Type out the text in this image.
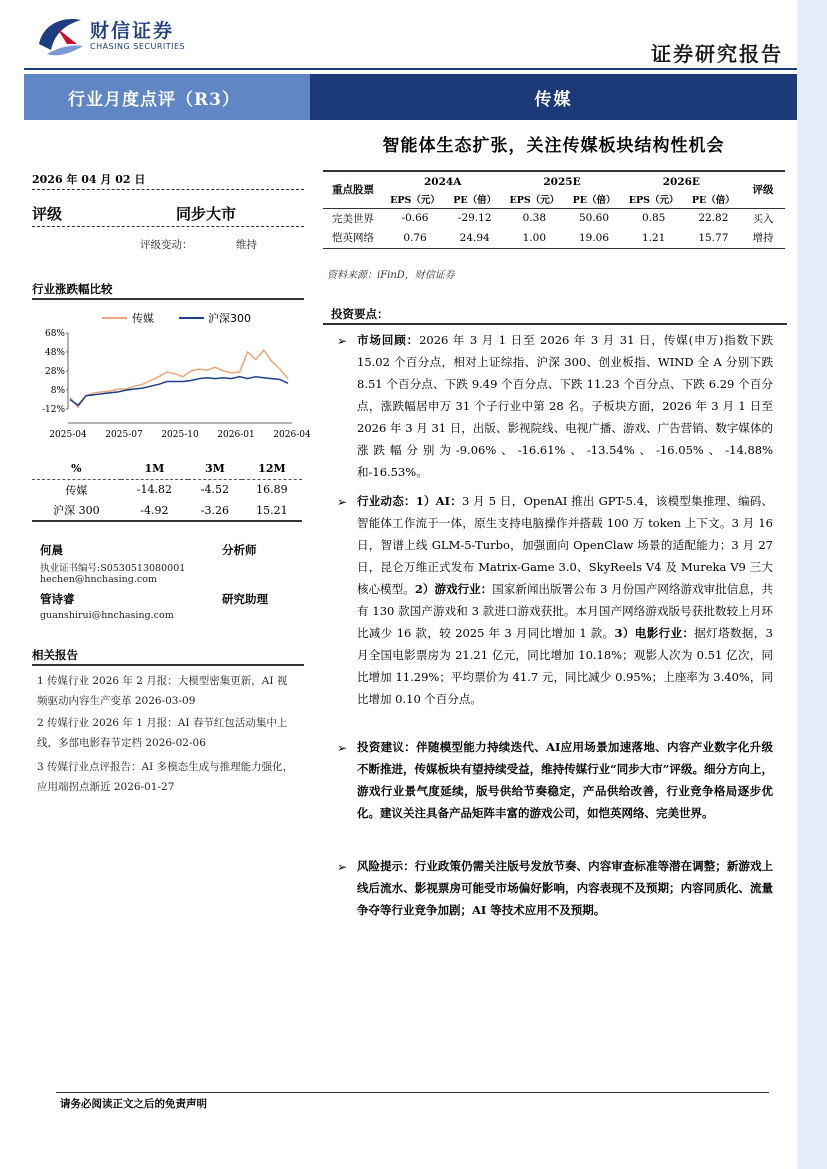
财信证券
CHASING SECURITIES	证券研究报告
行业月度点评（R3）	传媒
智能体生态扩张，关注传媒板块结构性机会
2026 年 04 月 02 日
评级	同步大市
评级变动：	维持
行业涨跌幅比较
传媒	沪深300
68%
48%
28%
8%
-12%
2025-04 2025-07 2025-10 2026-01 2026-04
%	1M	3M	12M
传媒	-14.82	-4.52	16.89
沪深 300	-4.92	-3.26	15.21
何晨	分析师
执业证书编号:S0530513080001
hechen@hnchasing.com
管诗睿	研究助理
guanshirui@hnchasing.com
相关报告
1 传媒行业 2026 年 2 月报：大模型密集更新，AI 视频驱动内容生产变革 2026-03-09
2 传媒行业 2026 年 1 月报：AI 春节红包活动集中上线，多部电影春节定档 2026-02-06
3 传媒行业点评报告：AI 多模态生成与推理能力强化，应用端拐点渐近 2026-01-27
重点股票	2024A		2025E		2026E		评级
	EPS（元）	PE（倍）	EPS（元）	PE（倍）	EPS（元）	PE（倍）	
完美世界	-0.66	-29.12	0.38	50.60	0.85	22.82	买入
恺英网络	0.76	24.94	1.00	19.06	1.21	15.77	增持
资料来源：iFinD，财信证券
投资要点：
➢ 市场回顾：2026 年 3 月 1 日至 2026 年 3 月 31 日，传媒(申万)指数下跌 15.02 个百分点，相对上证综指、沪深 300、创业板指、WIND 全 A 分别下跌 8.51 个百分点、下跌 9.49 个百分点、下跌 11.23 个百分点、下跌 6.29 个百分点，涨跌幅居申万 31 个子行业中第 28 名。子板块方面，2026 年 3 月 1 日至 2026 年 3 月 31 日，出版、影视院线、电视广播、游戏、广告营销、数字媒体的涨跌幅分别为-9.06%、-16.61%、-13.54%、-16.05%、-14.88%和-16.53%。
➢ 行业动态：1）AI：3 月 5 日，OpenAI 推出 GPT-5.4，该模型集推理、编码、智能体工作流于一体，原生支持电脑操作并搭载 100 万 token 上下文。3 月 16 日，智谱上线 GLM-5-Turbo，加强面向 OpenClaw 场景的适配能力；3 月 27 日，昆仑万维正式发布 Matrix-Game 3.0、SkyReels V4 及 Mureka V9 三大核心模型。2）游戏行业：国家新闻出版署公布 3 月份国产网络游戏审批信息，共有 130 款国产游戏和 3 款进口游戏获批。本月国产网络游戏版号获批数较上月环比减少 16 款，较 2025 年 3 月同比增加 1 款。3）电影行业：据灯塔数据，3 月全国电影票房为 21.21 亿元，同比增加 10.18%；观影人次为 0.51 亿次，同比增加 11.29%；平均票价为 41.7 元，同比减少 0.95%；上座率为 3.40%，同比增加 0.10 个百分点。
➢ 投资建议：伴随模型能力持续迭代、AI应用场景加速落地、内容产业数字化升级不断推进，传媒板块有望持续受益，维持传媒行业“同步大市”评级。细分方向上，游戏行业景气度延续，版号供给节奏稳定，产品供给改善，行业竞争格局逐步优化。建议关注具备产品矩阵丰富的游戏公司，如恺英网络、完美世界。
➢ 风险提示：行业政策仍需关注版号发放节奏、内容审查标准等潜在调整；新游戏上线后流水、影视票房可能受市场偏好影响，内容表现不及预期；内容同质化、流量争夺等行业竞争加剧；AI 等技术应用不及预期。
请务必阅读正文之后的免责声明
